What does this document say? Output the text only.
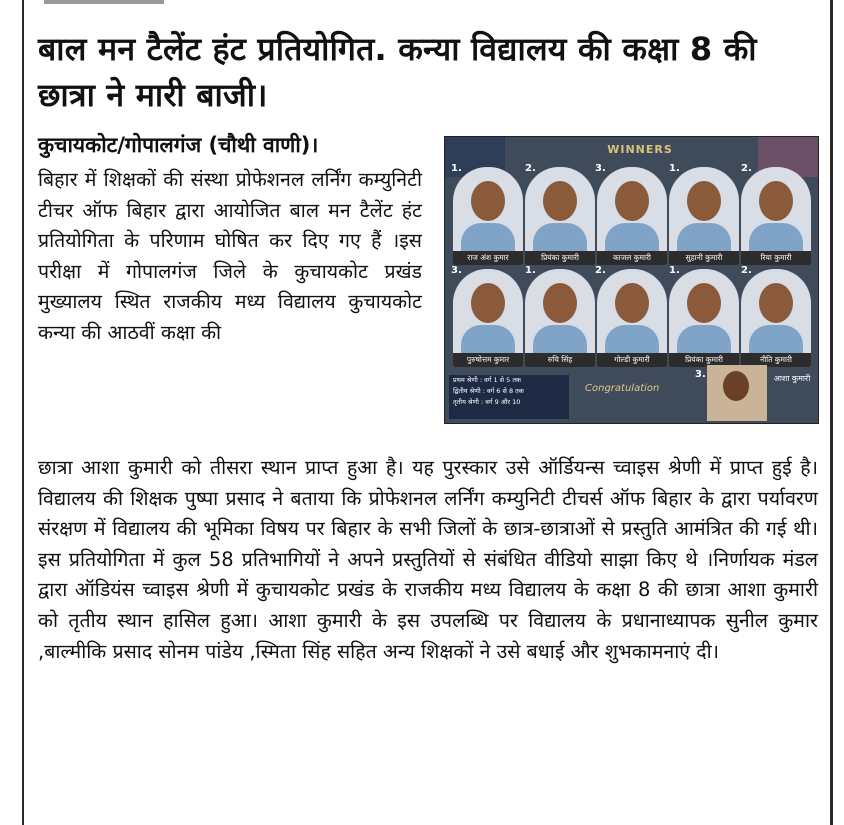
बाल मन टैलेंट हंट प्रतियोगित. कन्या विद्यालय की कक्षा 8 की छात्रा ने मारी बाजी।
कुचायकोट/गोपालगंज (चौथी वाणी)।
बिहार में शिक्षकों की संस्था प्रोफेशनल लर्निंग कम्युनिटी टीचर ऑफ बिहार द्वारा आयोजित बाल मन टैलेंट हंट प्रतियोगिता के परिणाम घोषित कर दिए गए हैं ।इस परीक्षा में गोपालगंज जिले के कुचायकोट प्रखंड मुख्यालय स्थित राजकीय मध्य विद्यालय कुचायकोट कन्या की आठवीं कक्षा की
WINNERS
राज अंश कुमार
1.
प्रियंका कुमारी
2.
काजल कुमारी
3.
सुहानी कुमारी
1.
रिया कुमारी
2.
पुरुषोत्तम कुमार
3.
रुचि सिंह
1.
गोल्डी कुमारी
2.
प्रियंका कुमारी
1.
नीति कुमारी
2.
प्रथम श्रेणी : वर्ग 1 से 5 तक
द्वितीय श्रेणी : वर्ग 6 से 8 तक
तृतीय श्रेणी : वर्ग 9 और 10
Congratulation
3.	आशा कुमारी
छात्रा आशा कुमारी को तीसरा स्थान प्राप्त हुआ है। यह पुरस्कार उसे ऑर्डियन्स च्वाइस श्रेणी में प्राप्त हुई है। विद्यालय की शिक्षक पुष्पा प्रसाद ने बताया कि प्रोफेशनल लर्निंग कम्युनिटी टीचर्स ऑफ बिहार के द्वारा पर्यावरण संरक्षण में विद्यालय की भूमिका विषय पर बिहार के सभी जिलों के छात्र-छात्राओं से प्रस्तुति आमंत्रित की गई थी। इस प्रतियोगिता में कुल 58 प्रतिभागियों ने अपने प्रस्तुतियों से संबंधित वीडियो साझा किए थे ।निर्णायक मंडल द्वारा ऑडियंस च्वाइस श्रेणी में कुचायकोट प्रखंड के राजकीय मध्य विद्यालय के कक्षा 8 की छात्रा आशा कुमारी को तृतीय स्थान हासिल हुआ। आशा कुमारी के इस उपलब्धि पर विद्यालय के प्रधानाध्यापक सुनील कुमार ,बाल्मीकि प्रसाद सोनम पांडेय ,स्मिता सिंह सहित अन्य शिक्षकों ने उसे बधाई और शुभकामनाएं दी।
